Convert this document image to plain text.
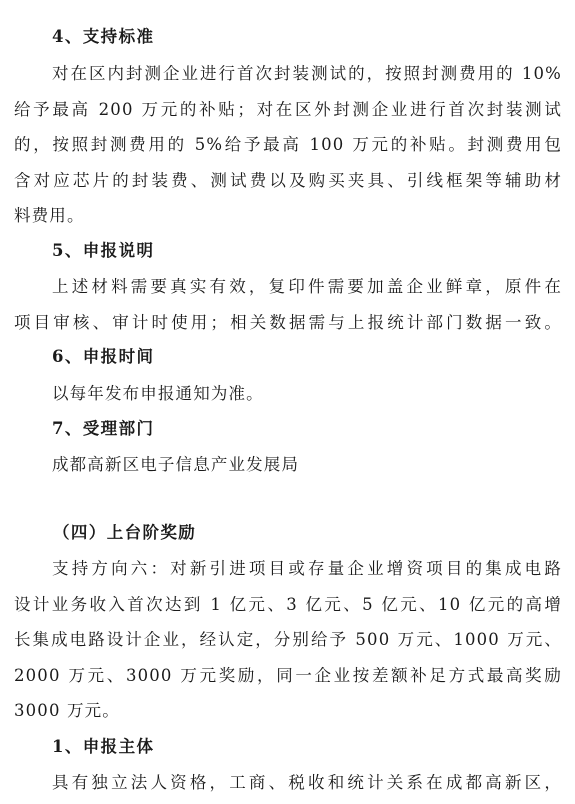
4、支持标准
对在区内封测企业进行首次封装测试的，按照封测费用的 10%
给予最高 200 万元的补贴；对在区外封测企业进行首次封装测试
的，按照封测费用的 5%给予最高 100 万元的补贴。封测费用包
含对应芯片的封装费、测试费以及购买夹具、引线框架等辅助材
料费用。
5、申报说明
上述材料需要真实有效，复印件需要加盖企业鲜章，原件在
项目审核、审计时使用；相关数据需与上报统计部门数据一致。
6、申报时间
以每年发布申报通知为准。
7、受理部门
成都高新区电子信息产业发展局
（四）上台阶奖励
支持方向六：对新引进项目或存量企业增资项目的集成电路
设计业务收入首次达到 1 亿元、3 亿元、5 亿元、10 亿元的高增
长集成电路设计企业，经认定，分别给予 500 万元、1000 万元、
2000 万元、3000 万元奖励，同一企业按差额补足方式最高奖励
3000 万元。
1、申报主体
具有独立法人资格，工商、税收和统计关系在成都高新区，
